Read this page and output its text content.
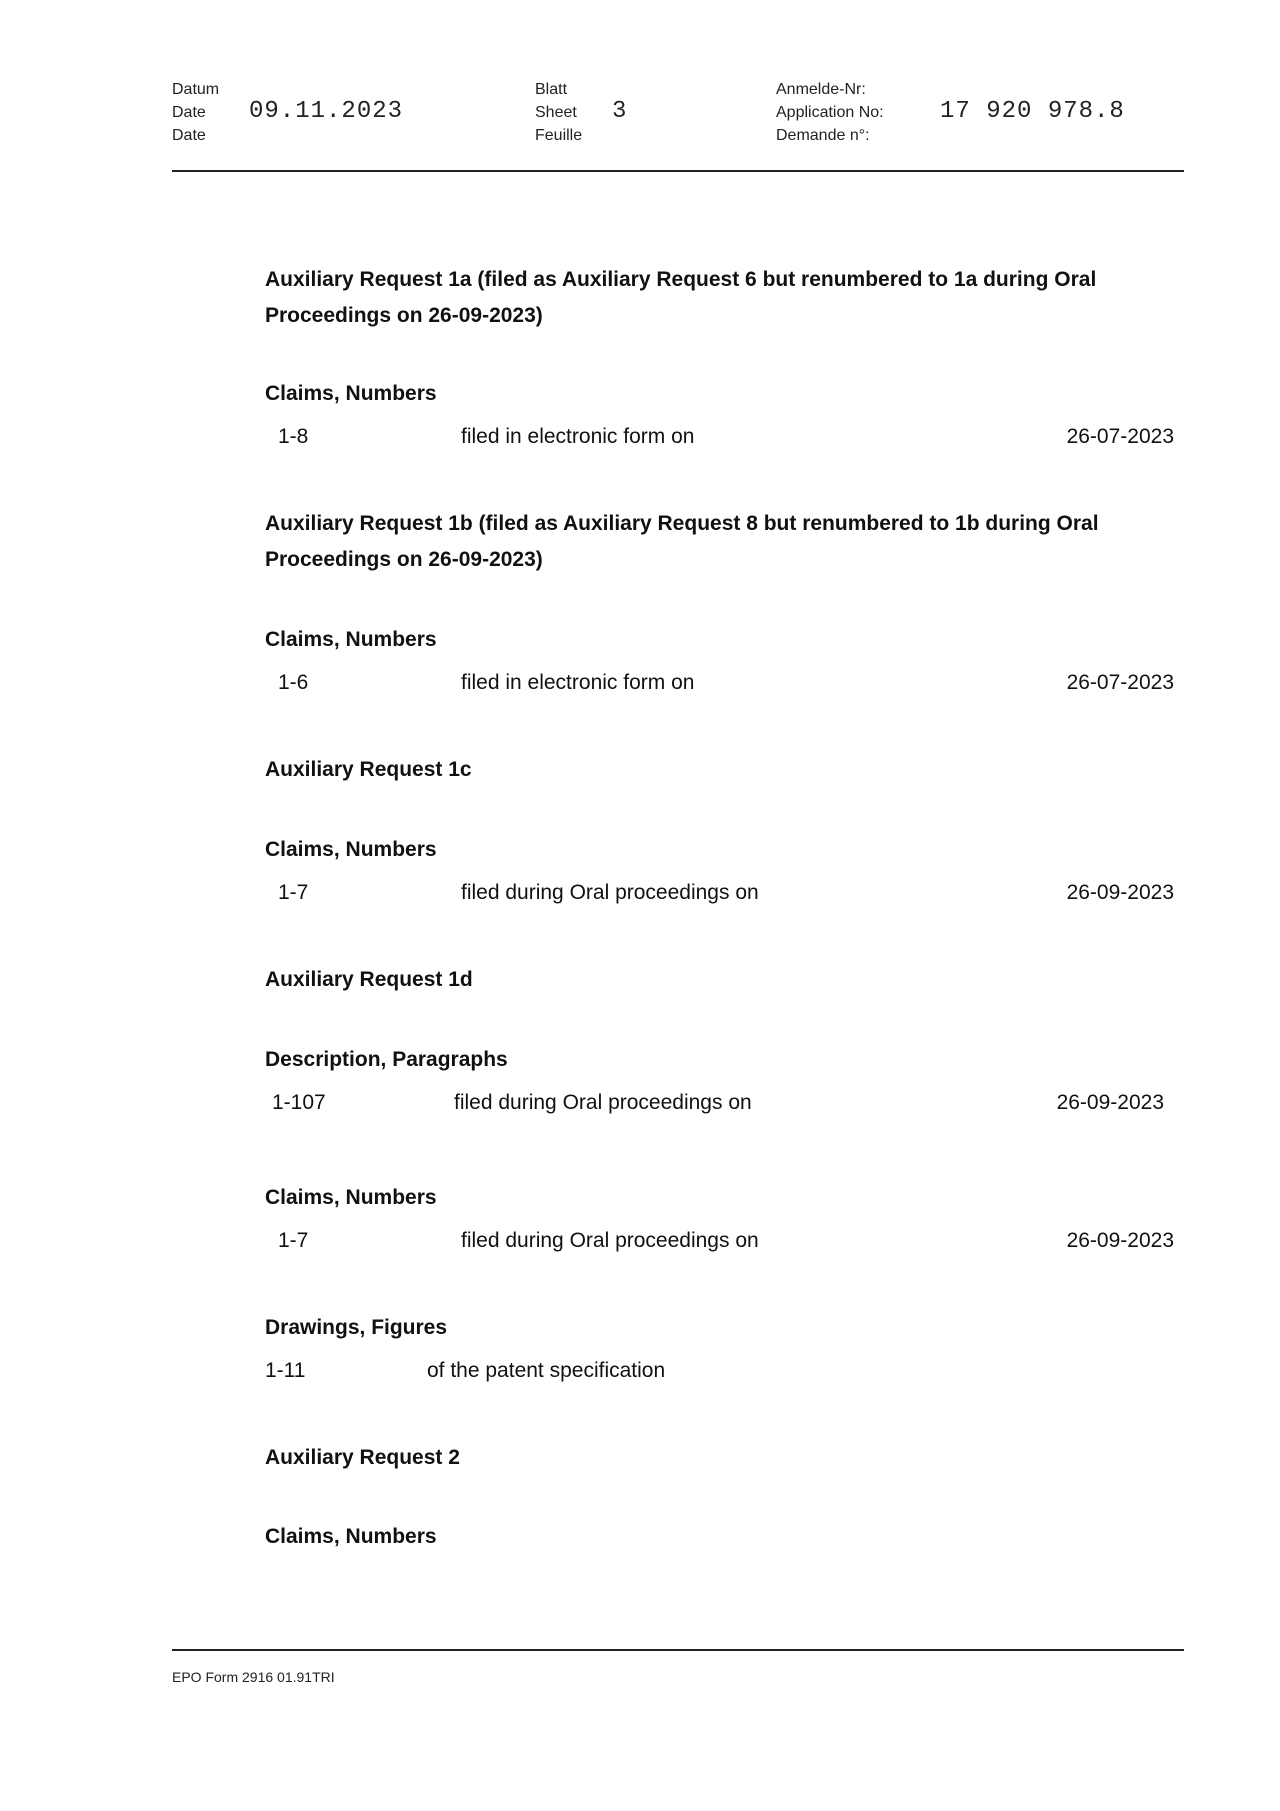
Datum
Date
Date
09.11.2023
Blatt
Sheet
Feuille
3
Anmelde-Nr:
Application No:
Demande n°:
17 920 978.8
Auxiliary Request 1a (filed as Auxiliary Request 6 but renumbered to 1a during Oral
Proceedings on 26-09-2023)
Claims, Numbers
1-8	filed in electronic form on	26-07-2023
Auxiliary Request 1b (filed as Auxiliary Request 8 but renumbered to 1b during Oral
Proceedings on 26-09-2023)
Claims, Numbers
1-6	filed in electronic form on	26-07-2023
Auxiliary Request 1c
Claims, Numbers
1-7	filed during Oral proceedings on	26-09-2023
Auxiliary Request 1d
Description, Paragraphs
1-107	filed during Oral proceedings on	26-09-2023
Claims, Numbers
1-7	filed during Oral proceedings on	26-09-2023
Drawings, Figures
1-11	of the patent specification
Auxiliary Request 2
Claims, Numbers
EPO Form 2916 01.91TRI
